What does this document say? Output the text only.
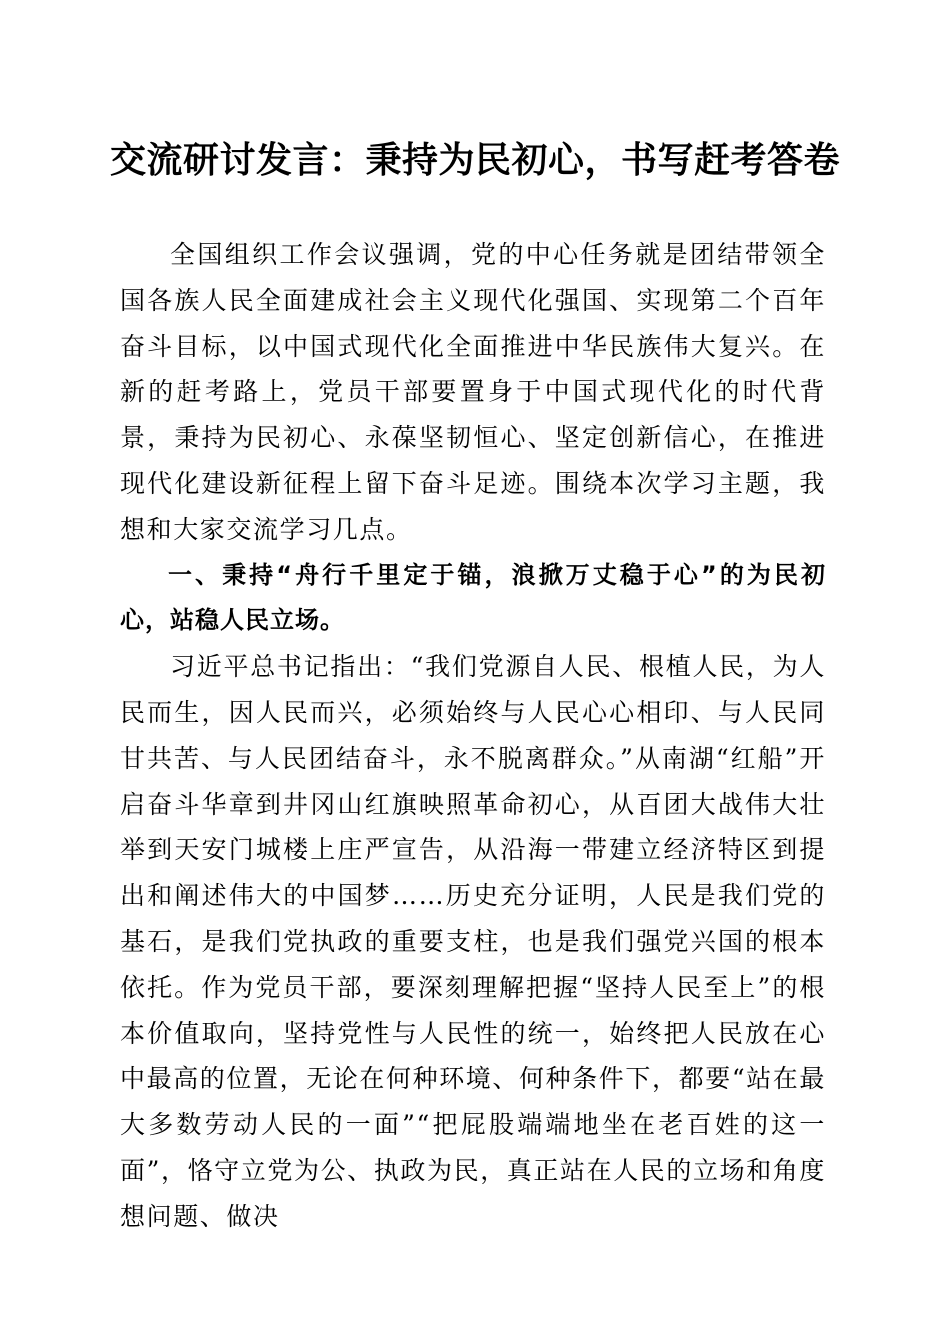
交流研讨发言：秉持为民初心，书写赶考答卷

全国组织工作会议强调，党的中心任务就是团结带领全国各族人民全面建成社会主义现代化强国、实现第二个百年奋斗目标，以中国式现代化全面推进中华民族伟大复兴。在新的赶考路上，党员干部要置身于中国式现代化的时代背景，秉持为民初心、永葆坚韧恒心、坚定创新信心，在推进现代化建设新征程上留下奋斗足迹。围绕本次学习主题，我想和大家交流学习几点。

一、秉持“舟行千里定于锚，浪掀万丈稳于心”的为民初心，站稳人民立场。

习近平总书记指出：“我们党源自人民、根植人民，为人民而生，因人民而兴，必须始终与人民心心相印、与人民同甘共苦、与人民团结奋斗，永不脱离群众。”从南湖“红船”开启奋斗华章到井冈山红旗映照革命初心，从百团大战伟大壮举到天安门城楼上庄严宣告，从沿海一带建立经济特区到提出和阐述伟大的中国梦……历史充分证明，人民是我们党的基石，是我们党执政的重要支柱，也是我们强党兴国的根本依托。作为党员干部，要深刻理解把握“坚持人民至上”的根本价值取向，坚持党性与人民性的统一，始终把人民放在心中最高的位置，无论在何种环境、何种条件下，都要“站在最大多数劳动人民的一面”“把屁股端端地坐在老百姓的这一面”，恪守立党为公、执政为民，真正站在人民的立场和角度想问题、做决
